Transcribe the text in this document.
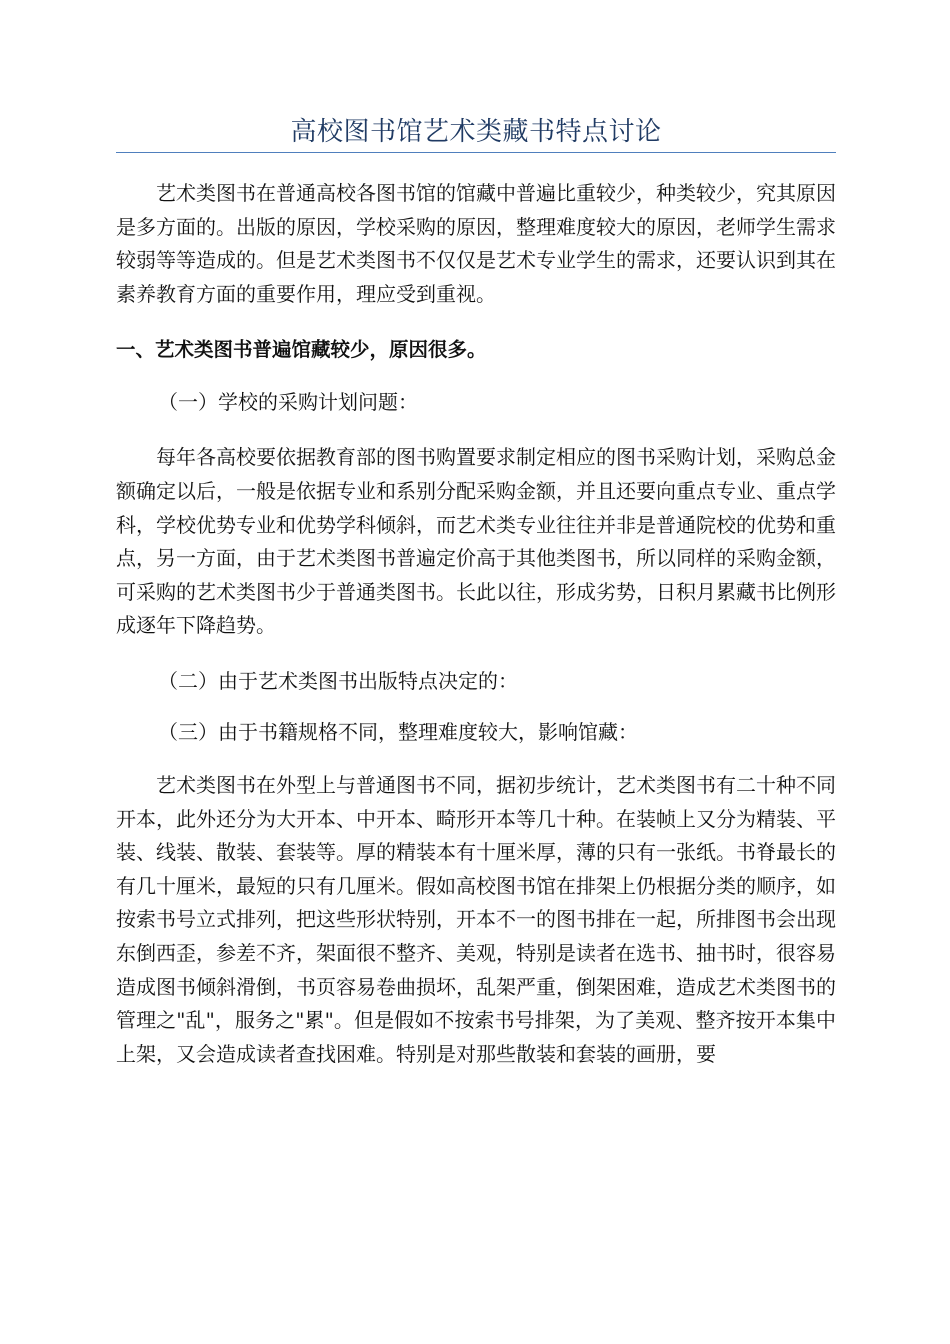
高校图书馆艺术类藏书特点讨论

艺术类图书在普通高校各图书馆的馆藏中普遍比重较少，种类较少，究其原因是多方面的。出版的原因，学校采购的原因，整理难度较大的原因，老师学生需求较弱等等造成的。但是艺术类图书不仅仅是艺术专业学生的需求，还要认识到其在素养教育方面的重要作用，理应受到重视。

一、艺术类图书普遍馆藏较少，原因很多。

（一）学校的采购计划问题：

每年各高校要依据教育部的图书购置要求制定相应的图书采购计划，采购总金额确定以后，一般是依据专业和系别分配采购金额，并且还要向重点专业、重点学科，学校优势专业和优势学科倾斜，而艺术类专业往往并非是普通院校的优势和重点，另一方面，由于艺术类图书普遍定价高于其他类图书，所以同样的采购金额，可采购的艺术类图书少于普通类图书。长此以往，形成劣势，日积月累藏书比例形成逐年下降趋势。

（二）由于艺术类图书出版特点决定的：

（三）由于书籍规格不同，整理难度较大，影响馆藏：

艺术类图书在外型上与普通图书不同，据初步统计，艺术类图书有二十种不同开本，此外还分为大开本、中开本、畸形开本等几十种。在装帧上又分为精装、平装、线装、散装、套装等。厚的精装本有十厘米厚，薄的只有一张纸。书脊最长的有几十厘米，最短的只有几厘米。假如高校图书馆在排架上仍根据分类的顺序，如按索书号立式排列，把这些形状特别，开本不一的图书排在一起，所排图书会出现东倒西歪，参差不齐，架面很不整齐、美观，特别是读者在选书、抽书时，很容易造成图书倾斜滑倒，书页容易卷曲损坏，乱架严重，倒架困难，造成艺术类图书的管理之"乱"，服务之"累"。但是假如不按索书号排架，为了美观、整齐按开本集中上架，又会造成读者查找困难。特别是对那些散装和套装的画册，要
